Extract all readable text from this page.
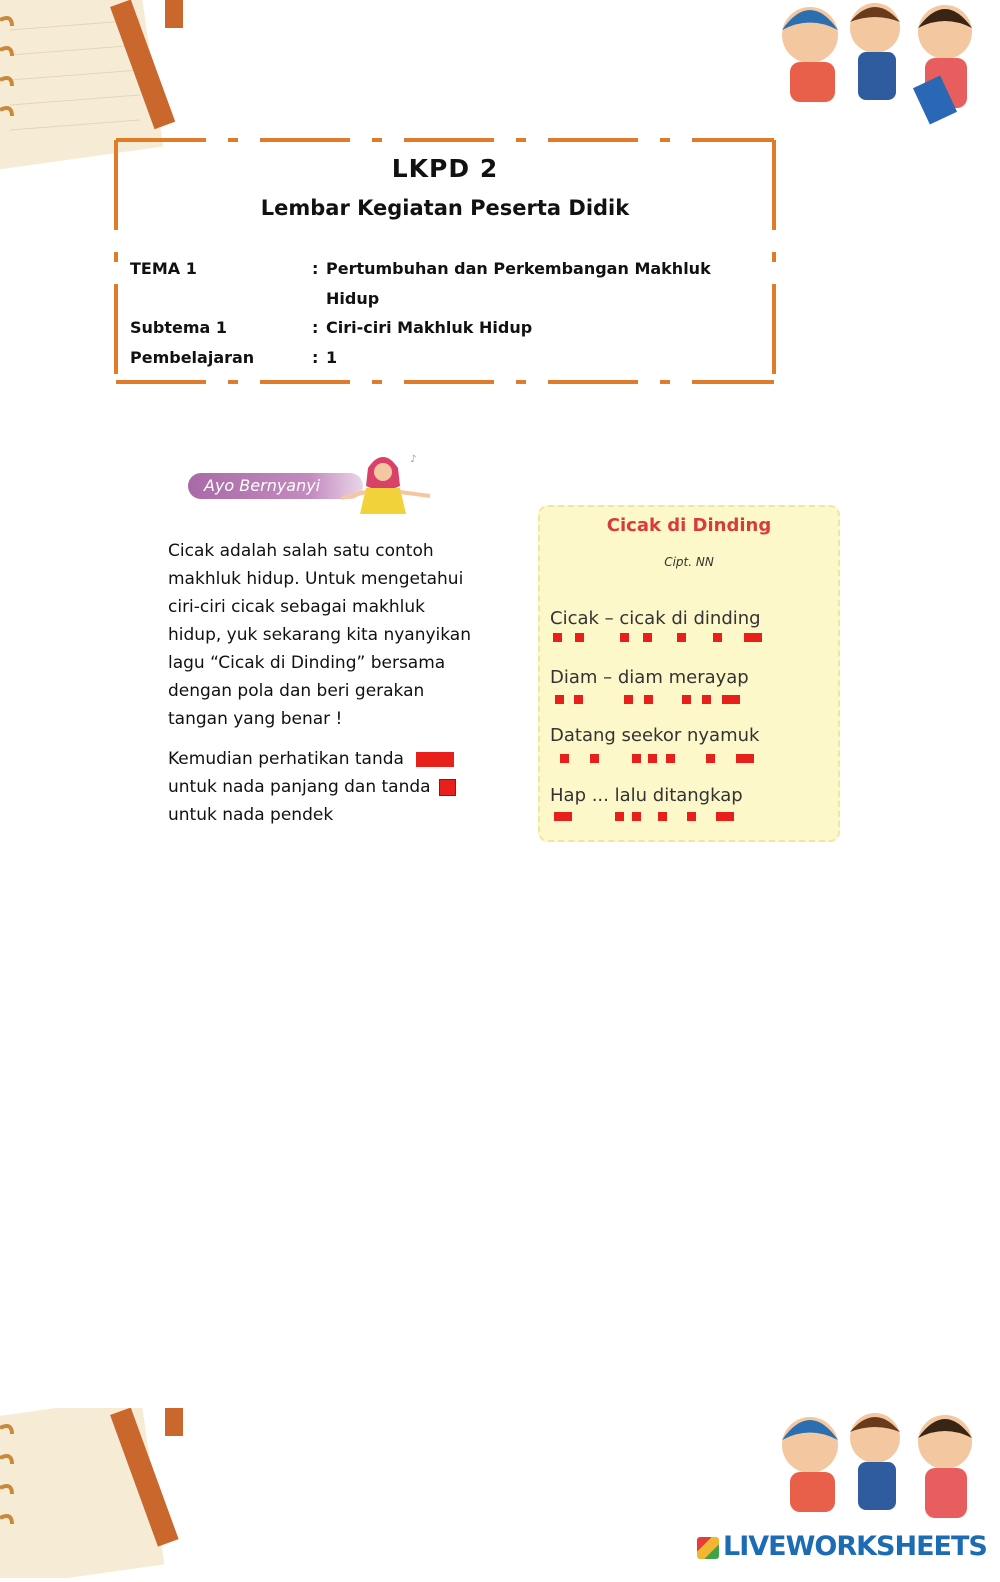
LKPD 2
Lembar Kegiatan Peserta Didik
TEMA 1	: Pertumbuhan dan Perkembangan Makhluk Hidup
Subtema 1	: Ciri-ciri Makhluk Hidup
Pembelajaran	: 1
Ayo Bernyanyi
♪
Cicak adalah salah satu contoh makhluk hidup. Untuk mengetahui ciri-ciri cicak sebagai makhluk hidup, yuk sekarang kita nyanyikan lagu “Cicak di Dinding” bersama dengan pola dan beri gerakan tangan yang benar !
Kemudian perhatikan tanda
untuk nada panjang dan tanda
untuk nada pendek
Cicak di Dinding
Cipt. NN
Cicak – cicak di dinding
Diam – diam merayap
Datang seekor nyamuk
Hap ... lalu ditangkap
LIVEWORKSHEETS
